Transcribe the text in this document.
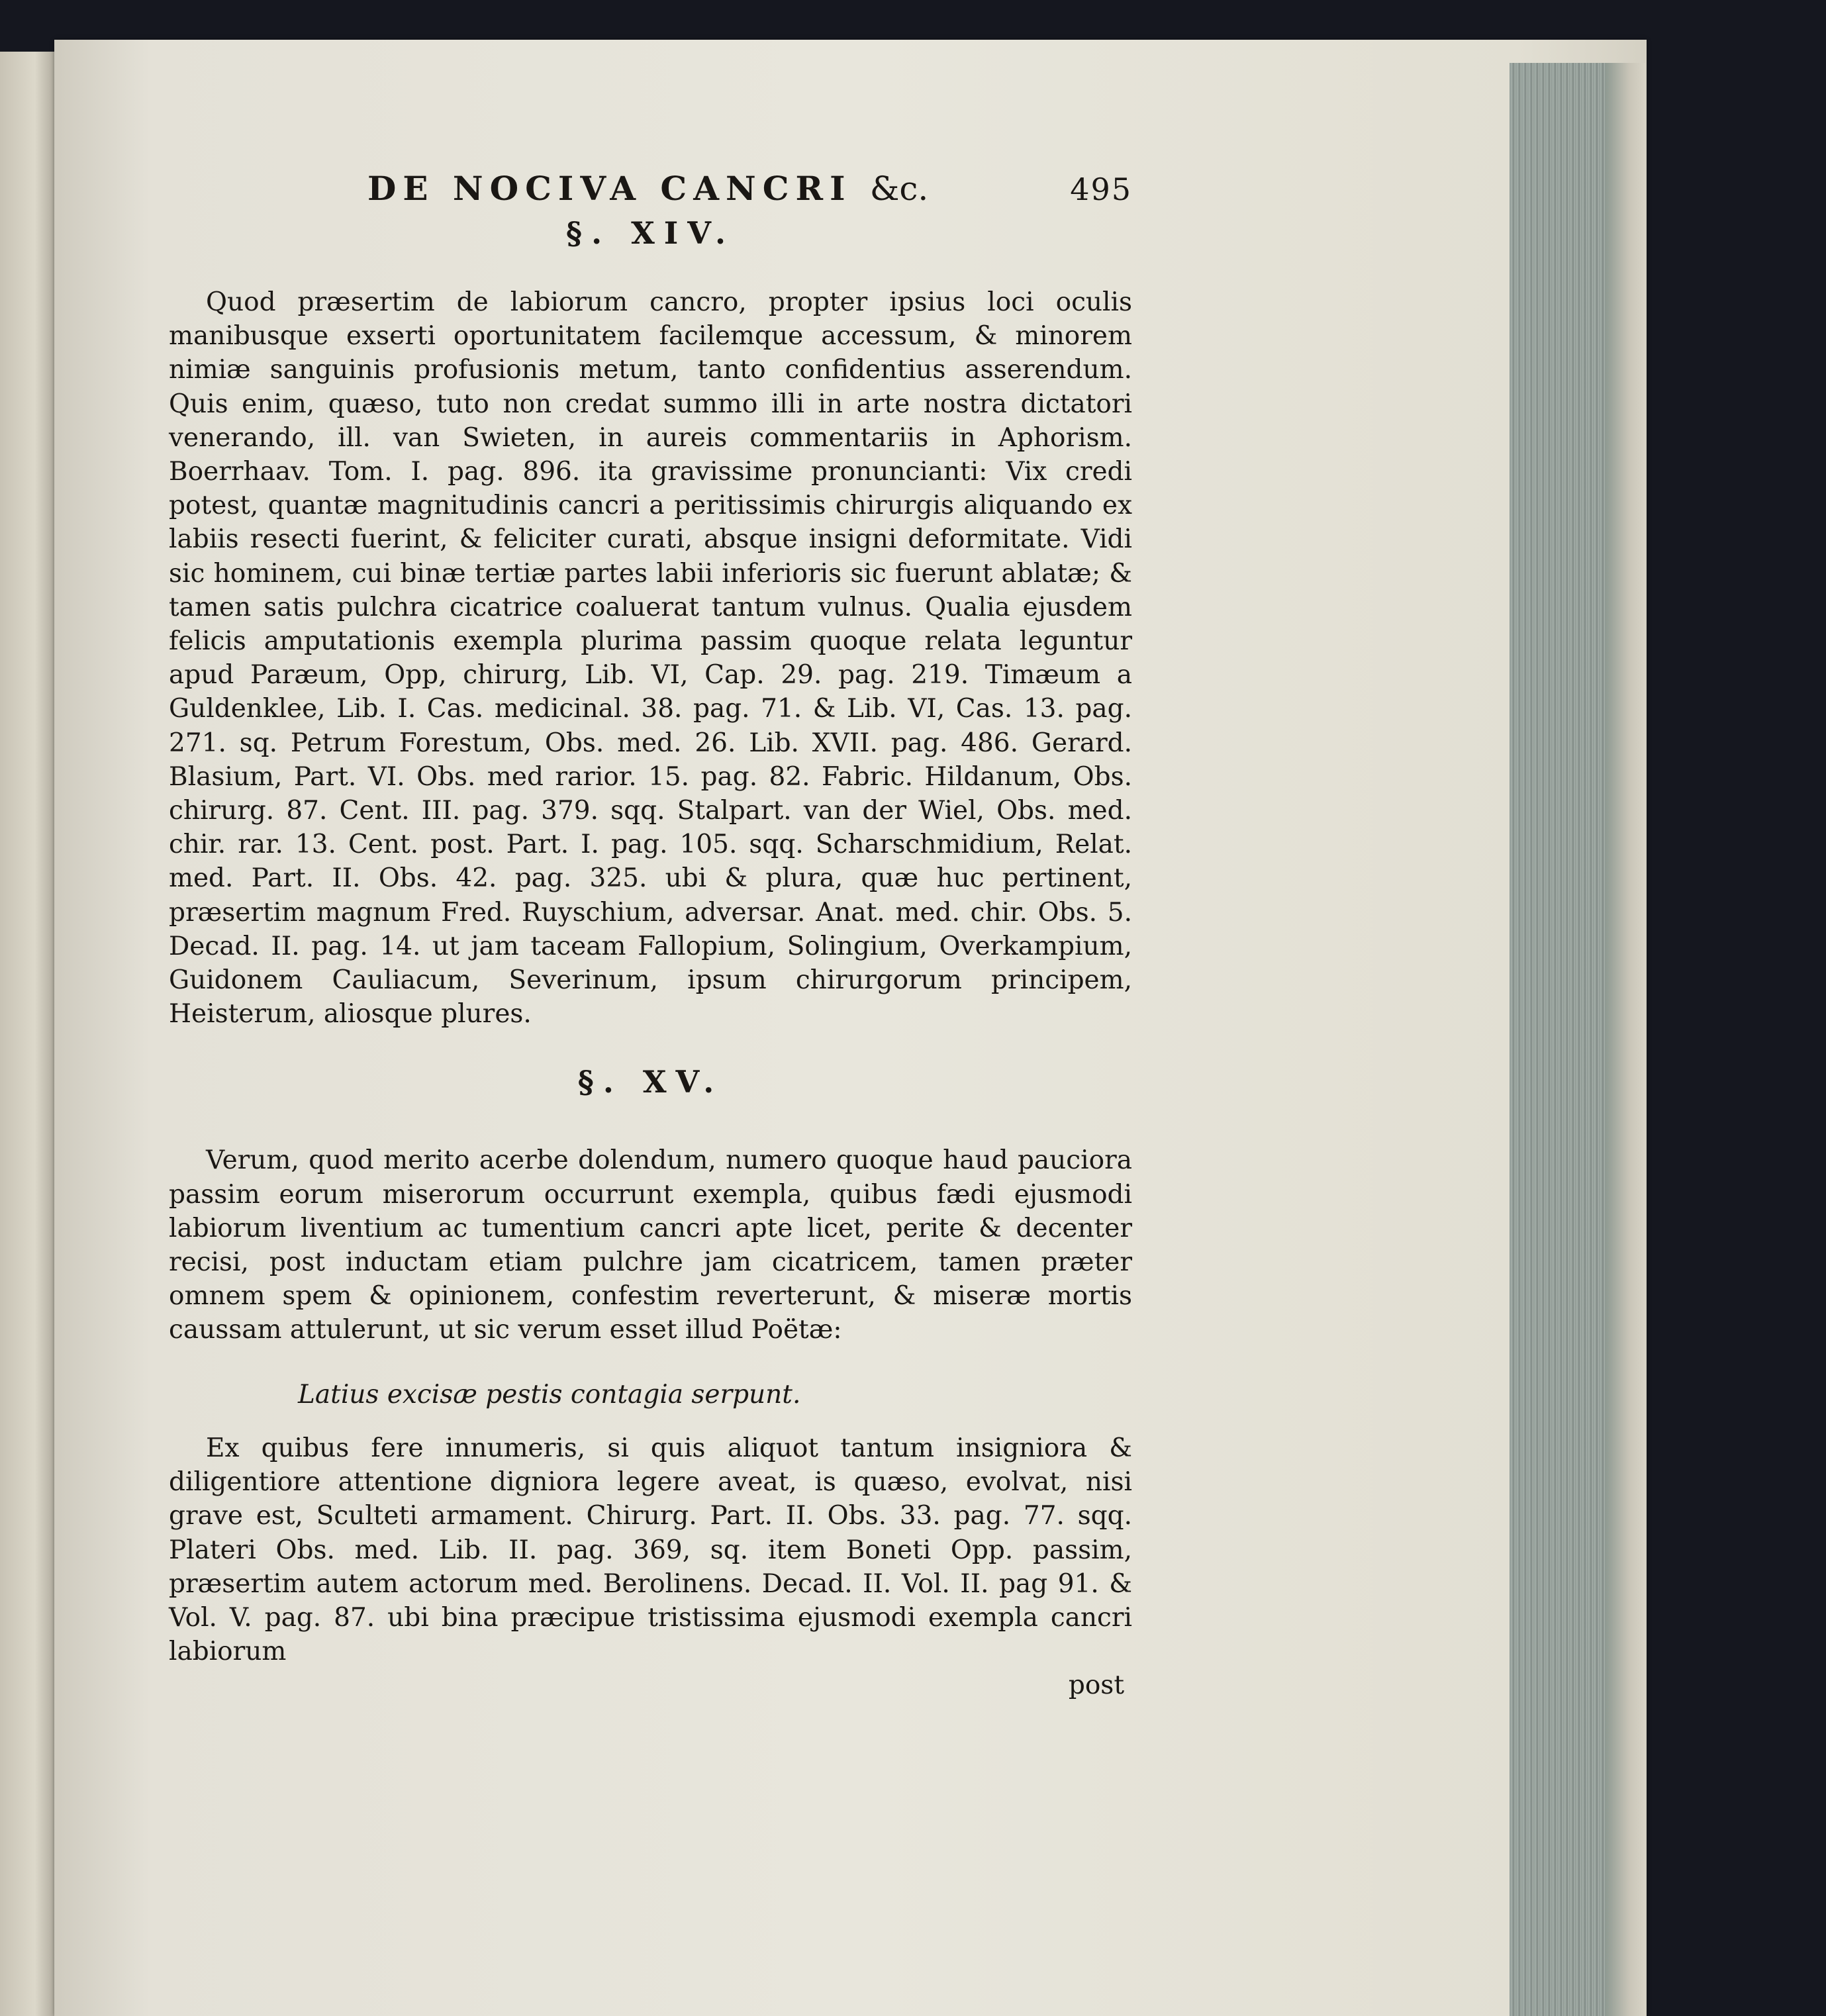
DE NOCIVA CANCRI &c.	495
§. XIV.

Quod præsertim de labiorum cancro, propter ipsius loci oculis manibusque exserti oportunitatem facilemque accessum, & minorem nimiæ sanguinis profusionis metum, tanto confidentius asserendum. Quis enim, quæso, tuto non credat summo illi in arte nostra dictatori venerando, ill. van Swieten, in aureis commentariis in Aphorism. Boerrhaav. Tom. I. pag. 896. ita gravissime pronuncianti: Vix credi potest, quantæ magnitudinis cancri a peritissimis chirurgis aliquando ex labiis resecti fuerint, & feliciter curati, absque insigni deformitate. Vidi sic hominem, cui binæ tertiæ partes labii inferioris sic fuerunt ablatæ; & tamen satis pulchra cicatrice coaluerat tantum vulnus. Qualia ejusdem felicis amputationis exempla plurima passim quoque relata leguntur apud Paræum, Opp, chirurg, Lib. VI, Cap. 29. pag. 219. Timæum a Guldenklee, Lib. I. Cas. medicinal. 38. pag. 71. & Lib. VI, Cas. 13. pag. 271. sq. Petrum Forestum, Obs. med. 26. Lib. XVII. pag. 486. Gerard. Blasium, Part. VI. Obs. med rarior. 15. pag. 82. Fabric. Hildanum, Obs. chirurg. 87. Cent. III. pag. 379. sqq. Stalpart. van der Wiel, Obs. med. chir. rar. 13. Cent. post. Part. I. pag. 105. sqq. Scharschmidium, Relat. med. Part. II. Obs. 42. pag. 325. ubi & plura, quæ huc pertinent, præsertim magnum Fred. Ruyschium, adversar. Anat. med. chir. Obs. 5. Decad. II. pag. 14. ut jam taceam Fallopium, Solingium, Overkampium, Guidonem Cauliacum, Severinum, ipsum chirurgorum principem, Heisterum, aliosque plures.

§. XV.

Verum, quod merito acerbe dolendum, numero quoque haud pauciora passim eorum miserorum occurrunt exempla, quibus fædi ejusmodi labiorum liventium ac tumentium cancri apte licet, perite & decenter recisi, post inductam etiam pulchre jam cicatricem, tamen præter omnem spem & opinionem, confestim reverterunt, & miseræ mortis caussam attulerunt, ut sic verum esset illud Poëtæ:

Latius excisæ pestis contagia serpunt.

Ex quibus fere innumeris, si quis aliquot tantum insigniora & diligentiore attentione digniora legere aveat, is quæso, evolvat, nisi grave est, Sculteti armament. Chirurg. Part. II. Obs. 33. pag. 77. sqq. Plateri Obs. med. Lib. II. pag. 369, sq. item Boneti Opp. passim, præsertim autem actorum med. Berolinens. Decad. II. Vol. II. pag 91. & Vol. V. pag. 87. ubi bina præcipue tristissima ejusmodi exempla cancri labiorum

post
